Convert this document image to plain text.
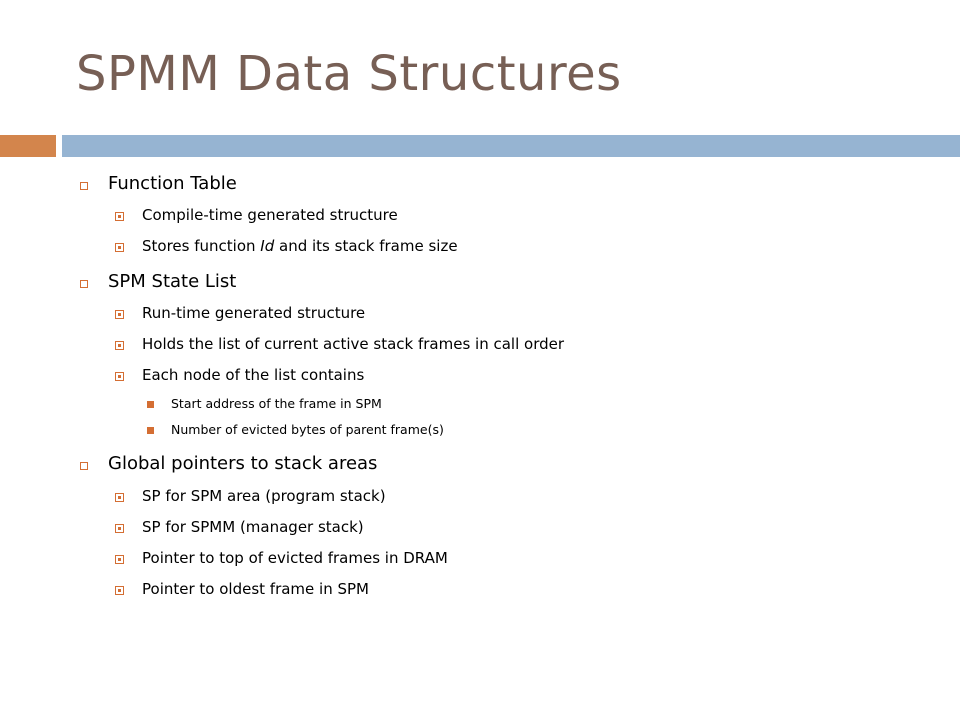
SPMM Data Structures
Function Table
Compile-time generated structure
Stores function Id and its stack frame size
SPM State List
Run-time generated structure
Holds the list of current active stack frames in call order
Each node of the list contains
Start address of the frame in SPM
Number of evicted bytes of parent frame(s)
Global pointers to stack areas
SP for SPM area (program stack)
SP for SPMM (manager stack)
Pointer to top of evicted frames in DRAM
Pointer to oldest frame in SPM
